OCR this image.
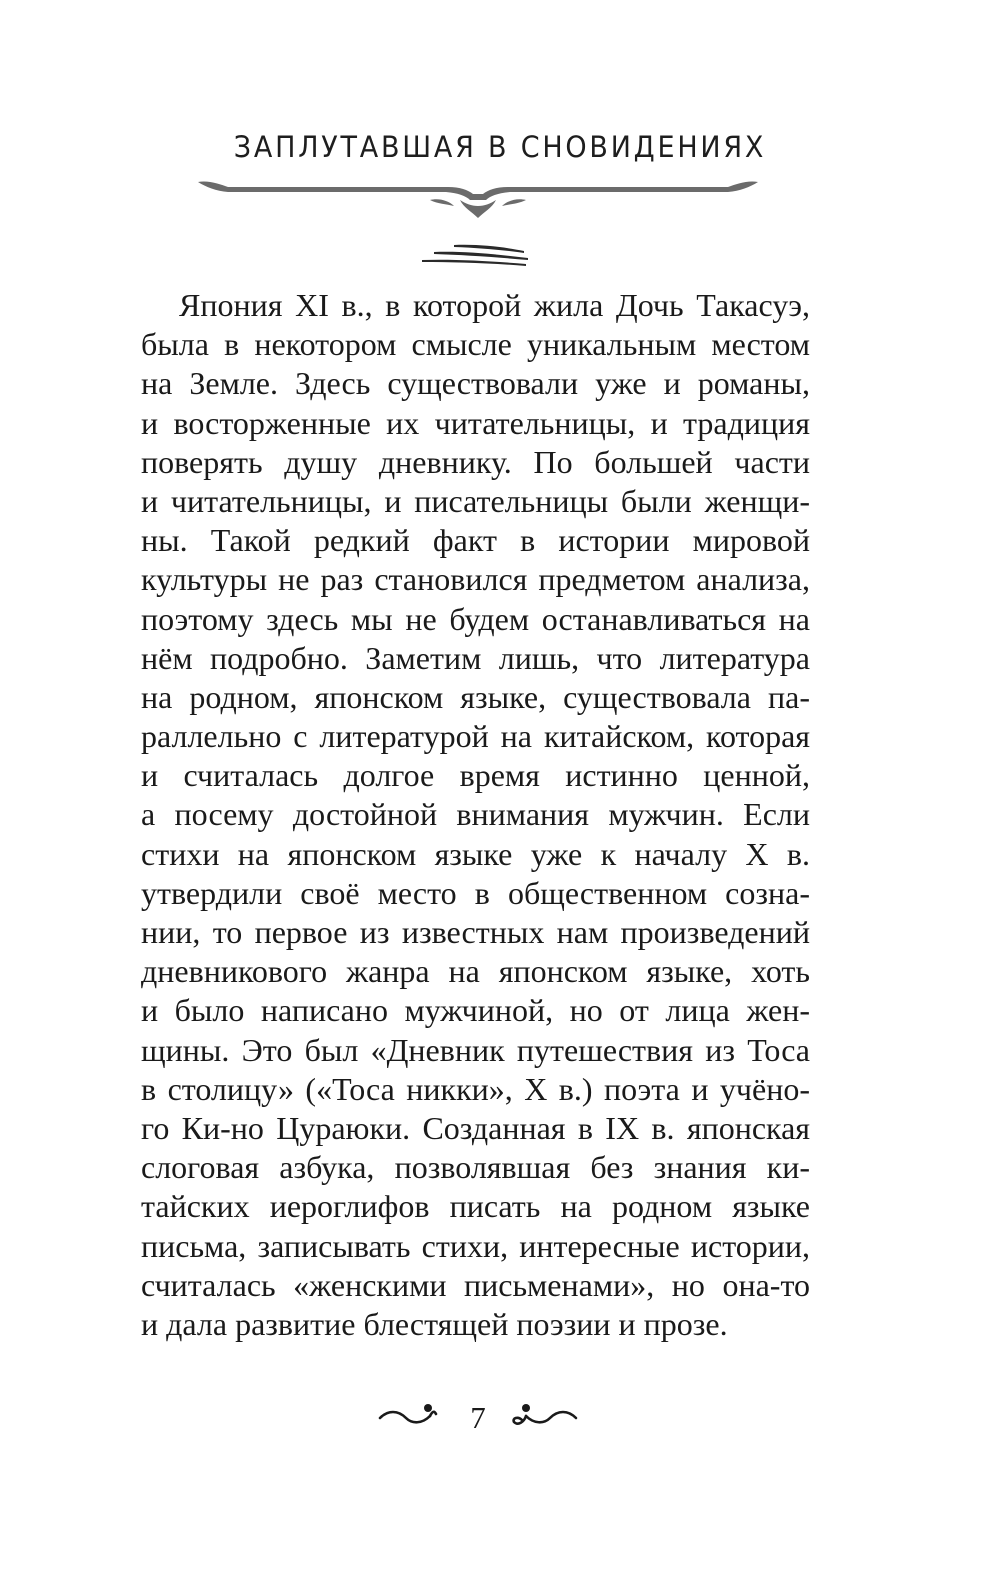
ЗАПЛУТАВШАЯ В СНОВИДЕНИЯХ
Япония XI в., в которой жила Дочь Такасуэ,
была в некотором смысле уникальным местом
на Земле. Здесь существовали уже и романы,
и восторженные их читательницы, и традиция
поверять душу дневнику. По большей части
и читательницы, и писательницы были женщи-
ны. Такой редкий факт в истории мировой
культуры не раз становился предметом анализа,
поэтому здесь мы не будем останавливаться на
нём подробно. Заметим лишь, что литература
на родном, японском языке, существовала па-
раллельно с литературой на китайском, которая
и считалась долгое время истинно ценной,
а посему достойной внимания мужчин. Если
стихи на японском языке уже к началу X в.
утвердили своё место в общественном созна-
нии, то первое из известных нам произведений
дневникового жанра на японском языке, хоть
и было написано мужчиной, но от лица жен-
щины. Это был «Дневник путешествия из Тоса
в столицу» («Тоса никки», X в.) поэта и учёно-
го Ки-но Цураюки. Созданная в IX в. японская
слоговая азбука, позволявшая без знания ки-
тайских иероглифов писать на родном языке
письма, записывать стихи, интересные истории,
считалась «женскими письменами», но она-то
и дала развитие блестящей поэзии и прозе.
7
